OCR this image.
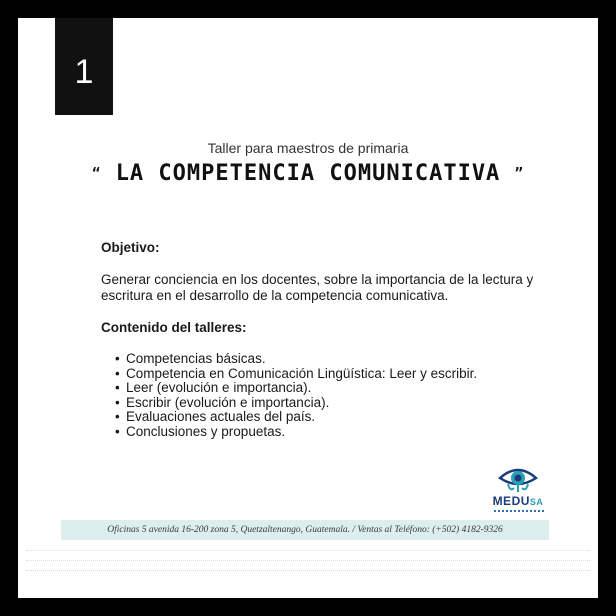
1
Taller para maestros de primaria
“ LA COMPETENCIA COMUNICATIVA ”

Objetivo:

Generar conciencia en los docentes, sobre la importancia de la lectura y escritura en el desarrollo de la competencia comunicativa.

Contenido del talleres:

• Competencias básicas.
• Competencia en Comunicación Lingüística: Leer y escribir.
• Leer (evolución e importancia).
• Escribir (evolución e importancia).
• Evaluaciones actuales del país.
• Conclusiones y propuetas.
MEDUSA
Oficinas 5 avenida 16-200 zona 5, Quetzaltenango, Guatemala. / Ventas al Teléfono: (+502) 4182-9326
